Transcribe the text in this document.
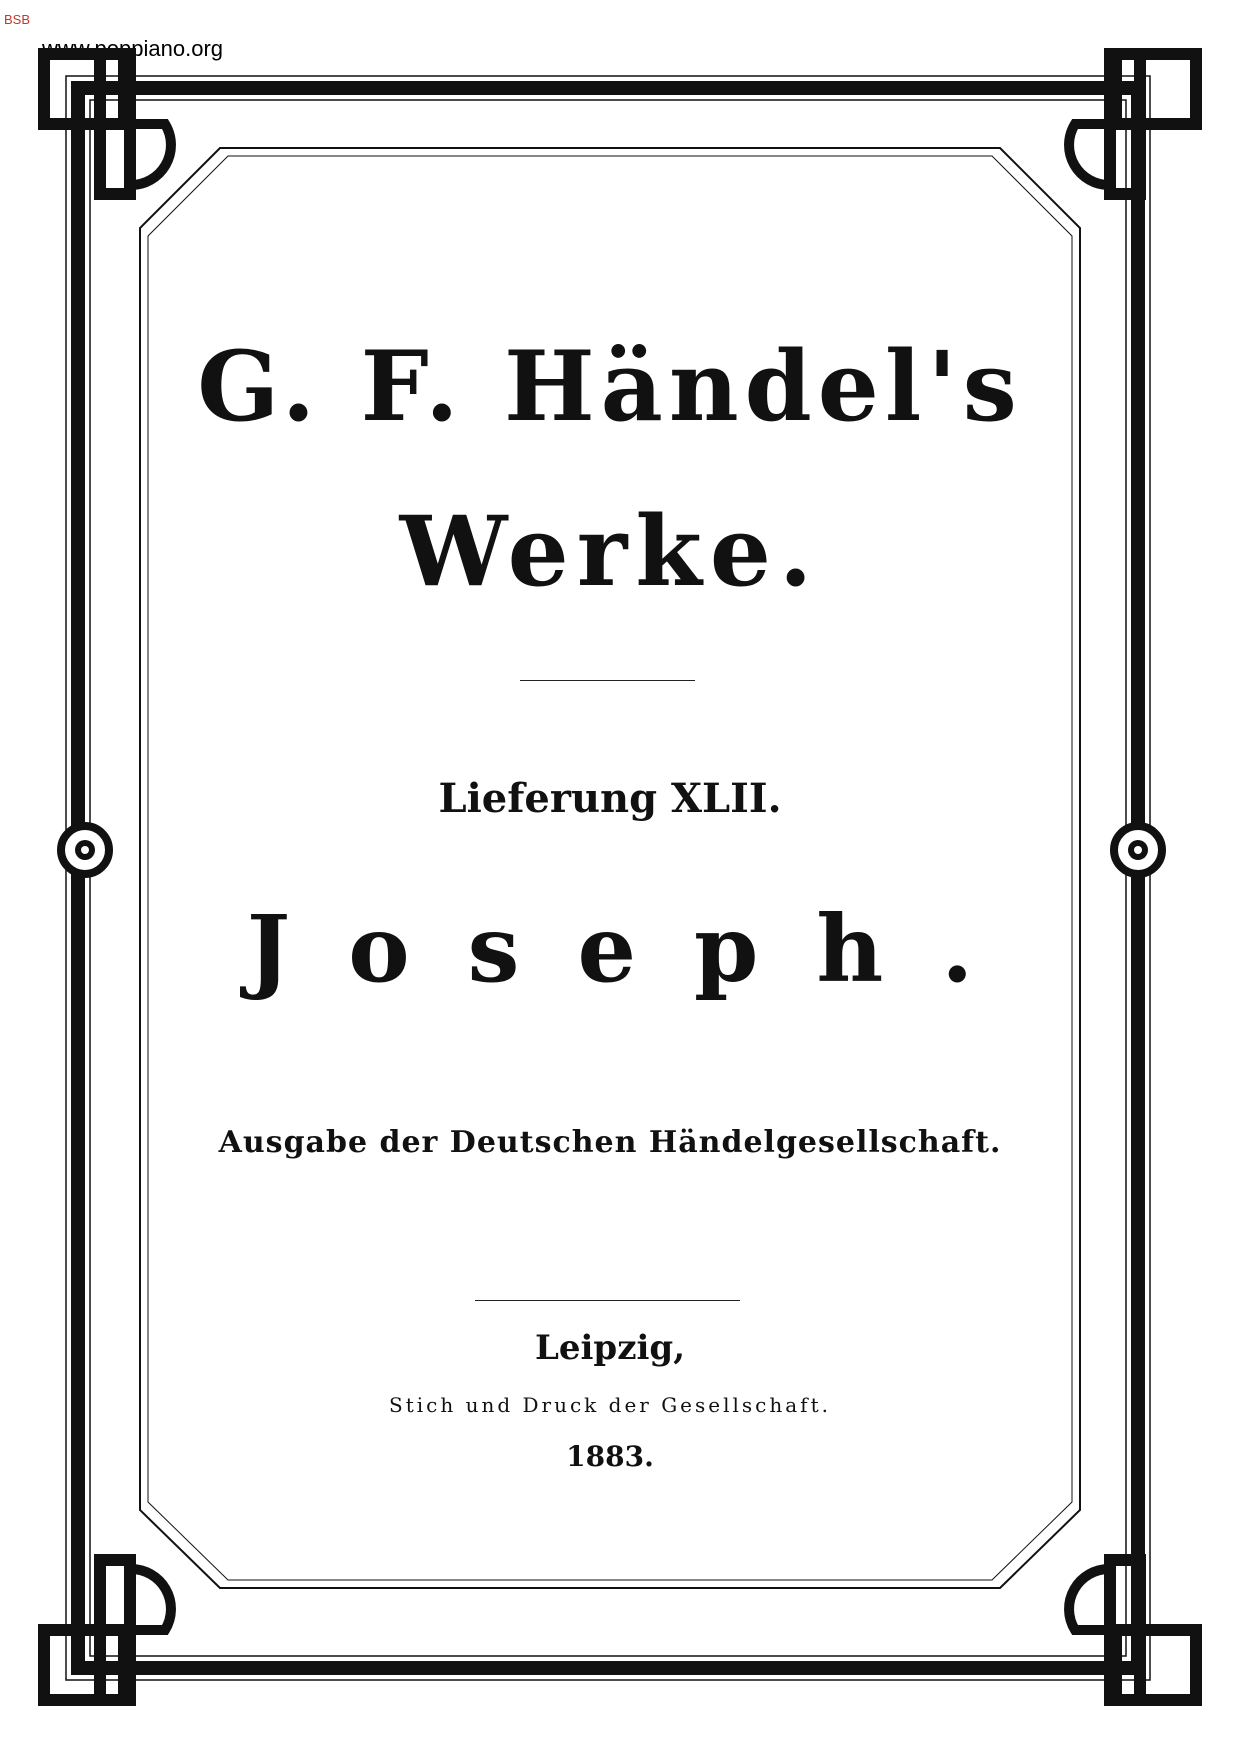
BSB
www.poppiano.org
G. F. Händel's
Werke.
Lieferung XLII.
Joseph.
Ausgabe der Deutschen Händelgesellschaft.
Leipzig,
Stich und Druck der Gesellschaft.
1883.
